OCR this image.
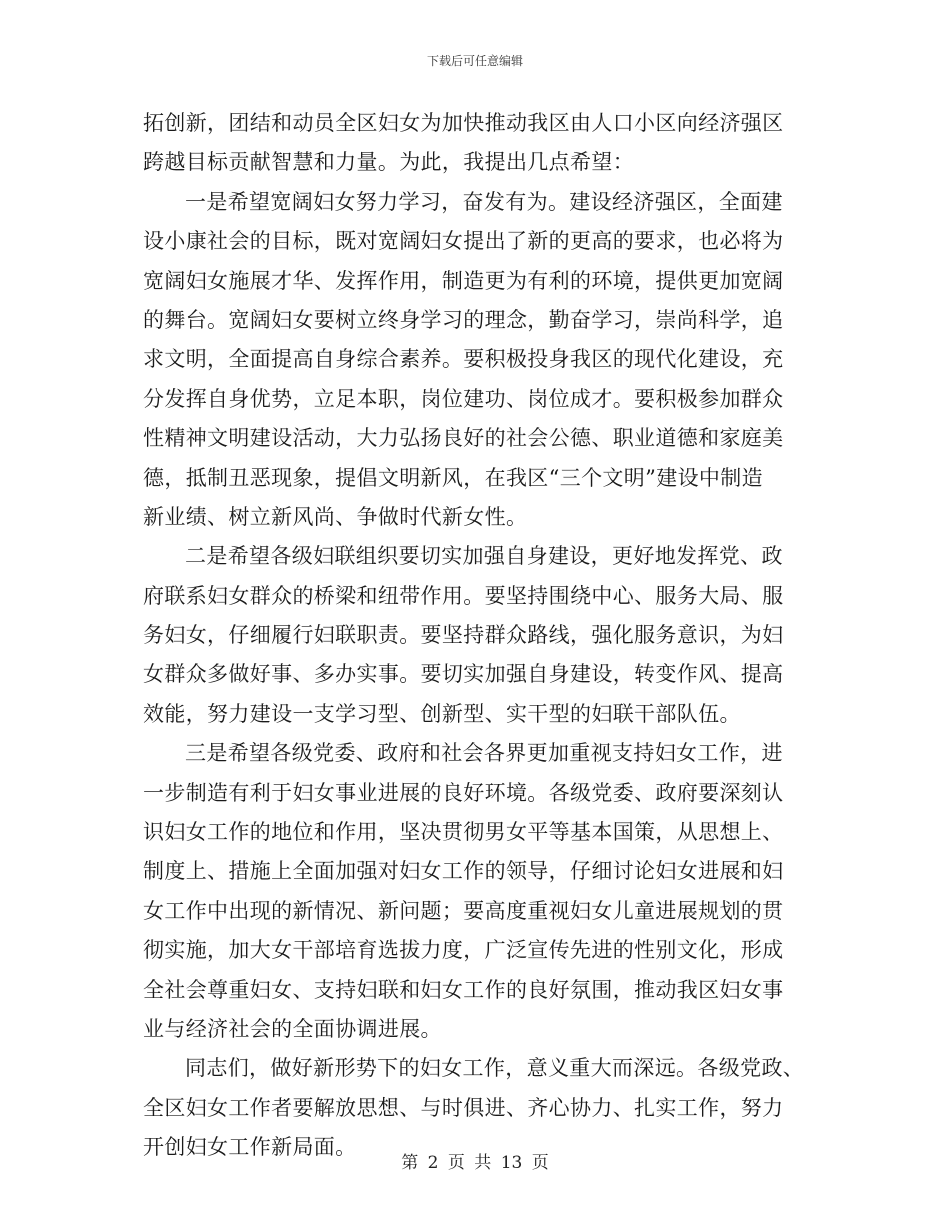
下载后可任意编辑
拓创新，团结和动员全区妇女为加快推动我区由人口小区向经济强区
跨越目标贡献智慧和力量。为此，我提出几点希望：
一是希望宽阔妇女努力学习，奋发有为。建设经济强区，全面建
设小康社会的目标，既对宽阔妇女提出了新的更高的要求，也必将为
宽阔妇女施展才华、发挥作用，制造更为有利的环境，提供更加宽阔
的舞台。宽阔妇女要树立终身学习的理念，勤奋学习，崇尚科学，追
求文明，全面提高自身综合素养。要积极投身我区的现代化建设，充
分发挥自身优势，立足本职，岗位建功、岗位成才。要积极参加群众
性精神文明建设活动，大力弘扬良好的社会公德、职业道德和家庭美
德，抵制丑恶现象，提倡文明新风，在我区“三个文明”建设中制造
新业绩、树立新风尚、争做时代新女性。
二是希望各级妇联组织要切实加强自身建设，更好地发挥党、政
府联系妇女群众的桥梁和纽带作用。要坚持围绕中心、服务大局、服
务妇女，仔细履行妇联职责。要坚持群众路线，强化服务意识，为妇
女群众多做好事、多办实事。要切实加强自身建设，转变作风、提高
效能，努力建设一支学习型、创新型、实干型的妇联干部队伍。
三是希望各级党委、政府和社会各界更加重视支持妇女工作，进
一步制造有利于妇女事业进展的良好环境。各级党委、政府要深刻认
识妇女工作的地位和作用，坚决贯彻男女平等基本国策，从思想上、
制度上、措施上全面加强对妇女工作的领导，仔细讨论妇女进展和妇
女工作中出现的新情况、新问题；要高度重视妇女儿童进展规划的贯
彻实施，加大女干部培育选拔力度，广泛宣传先进的性别文化，形成
全社会尊重妇女、支持妇联和妇女工作的良好氛围，推动我区妇女事
业与经济社会的全面协调进展。
同志们，做好新形势下的妇女工作，意义重大而深远。各级党政、
全区妇女工作者要解放思想、与时俱进、齐心协力、扎实工作，努力
开创妇女工作新局面。
第 2 页 共 13 页
